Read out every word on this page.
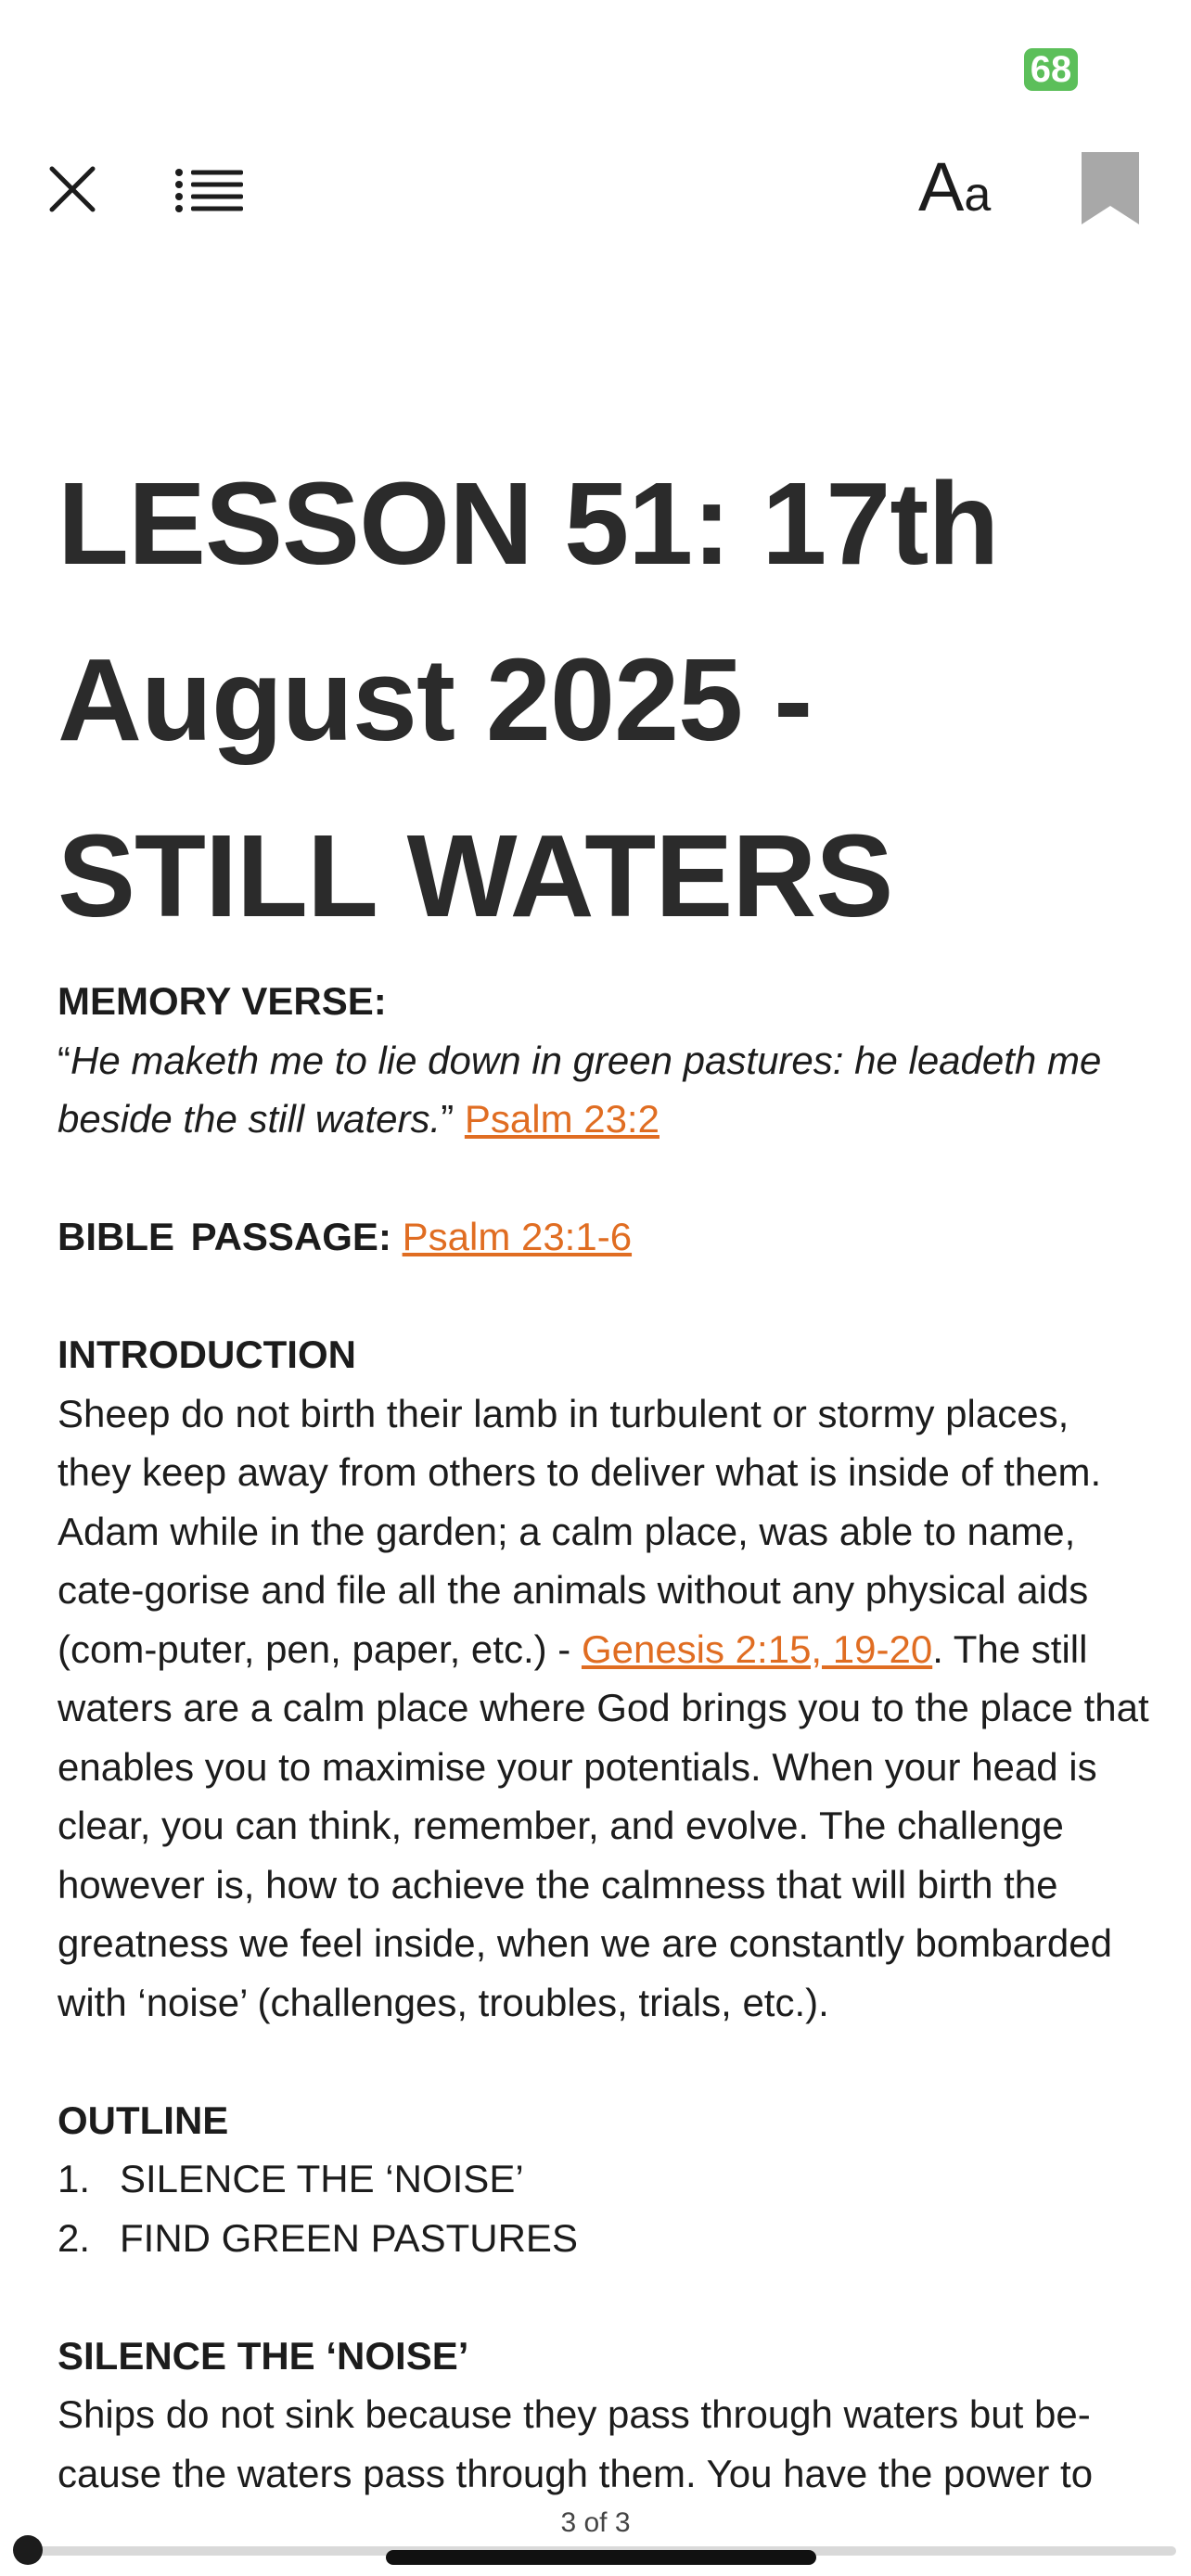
68
Aa
LESSON 51: 17th
August 2025 -
STILL WATERS

MEMORY VERSE:

“He maketh me to lie down in green pastures: he leadeth me beside the still waters.” Psalm 23:2

BIBLE PASSAGE: Psalm 23:1-6

INTRODUCTION

Sheep do not birth their lamb in turbulent or stormy places, they keep away from others to deliver what is inside of them. Adam while in the garden; a calm place, was able to name, cate-gorise and file all the animals without any physical aids (com-puter, pen, paper, etc.) - Genesis 2:15, 19-20. The still waters are a calm place where God brings you to the place that enables you to maximise your potentials. When your head is clear, you can think, remember, and evolve. The challenge however is, how to achieve the calmness that will birth the greatness we feel inside, when we are constantly bombarded with ‘noise’ (challenges, troubles, trials, etc.).

OUTLINE

1. SILENCE THE ‘NOISE’

2. FIND GREEN PASTURES

SILENCE THE ‘NOISE’

Ships do not sink because they pass through waters but be-cause the waters pass through them. You have the power to

3 of 3
